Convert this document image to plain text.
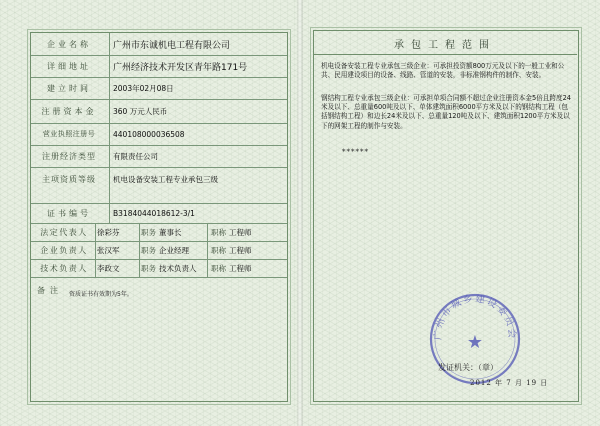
企业名称	广州市东诚机电工程有限公司
详细地址	广州经济技术开发区青年路171号
建立时间	2003年02月08日
注册资本金	360 万元人民币
营业执照注册号	440108000036508
注册经济类型	有限责任公司
主项资质等级	机电设备安装工程专业承包三级
证书编号	B3184044018612-3/1
法定代表人	徐彩芬	职务 董事长	职称 工程师
企业负责人	张汉军	职务 企业经理	职称 工程师
技术负责人	李政文	职务 技术负责人 职称 工程师
备注 资质证书有效期为5年。
承包工程范围
机电设备安装工程专业承包三级企业：可承担投资额800万元及以下的一般工业和公共、民用建设项目的设备、线路、管道的安装，非标准钢构件的制作、安装。
钢结构工程专业承包三级企业：可承担单项合同额不超过企业注册资本金5倍且跨度24米及以下、总重量600吨及以下、单体建筑面积6000平方米及以下的钢结构工程（包括钢结构工程）和边长24米及以下、总重量120吨及以下、建筑面积1200平方米及以下的网架工程的制作与安装。
******
广州市城乡建设委员会
★
发证机关：（章）
2012 年 7 月 19 日
